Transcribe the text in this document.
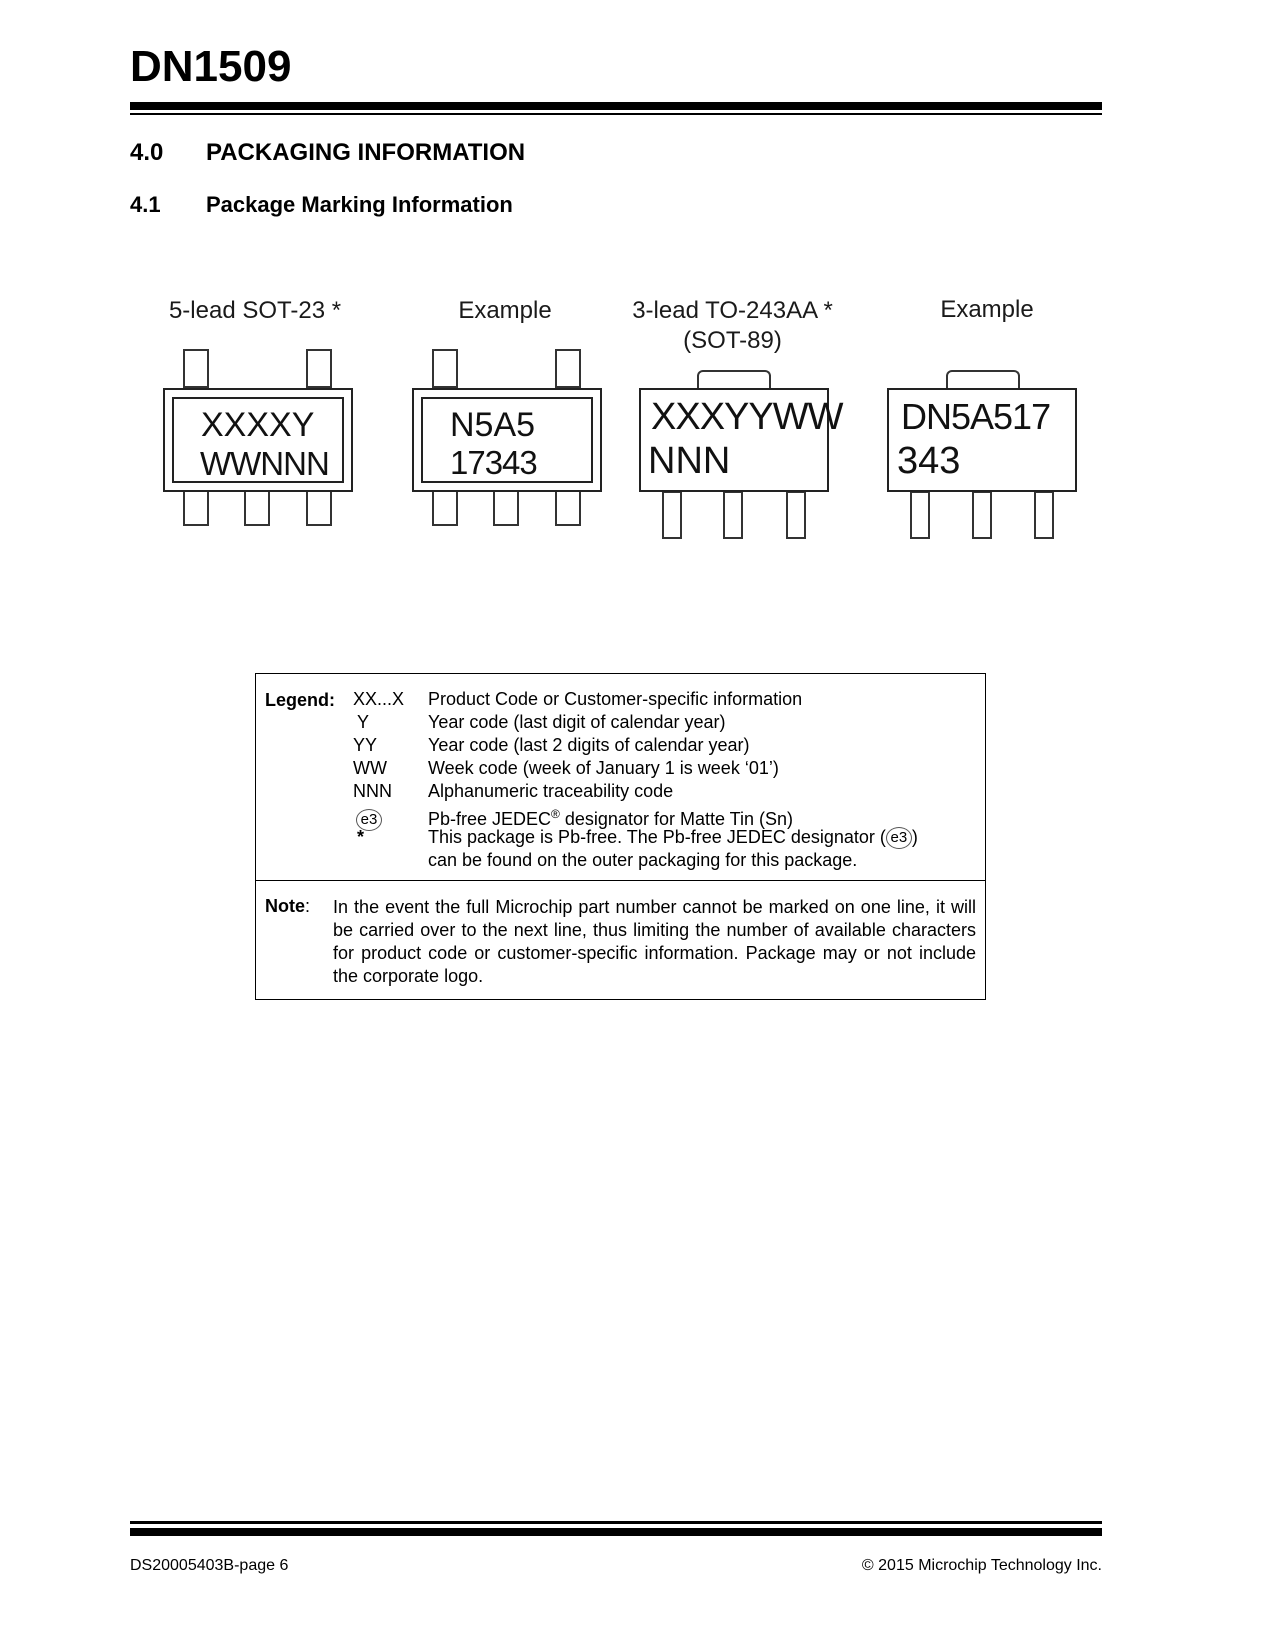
DN1509
4.0 PACKAGING INFORMATION
4.1 Package Marking Information
5-lead SOT-23 *
XXXXY
WWNNN
Example
N5A5
17343
3-lead TO-243AA *
(SOT-89)
XXXYYWW
NNN
Example
DN5A517
343
Legend: XX...X Product Code or Customer-specific information
Y	Year code (last digit of calendar year)
YY	Year code (last 2 digits of calendar year)
WW Week code (week of January 1 is week ‘01’)
NNN Alphanumeric traceability code
e3	Pb-free JEDEC® designator for Matte Tin (Sn)
*	This package is Pb-free. The Pb-free JEDEC designator ( e3 )
can be found on the outer packaging for this package.
Note: In the event the full Microchip part number cannot be marked on one line, it will be carried over to the next line, thus limiting the number of available characters for product code or customer-specific information. Package may or not include the corporate logo.
DS20005403B-page 6	© 2015 Microchip Technology Inc.
